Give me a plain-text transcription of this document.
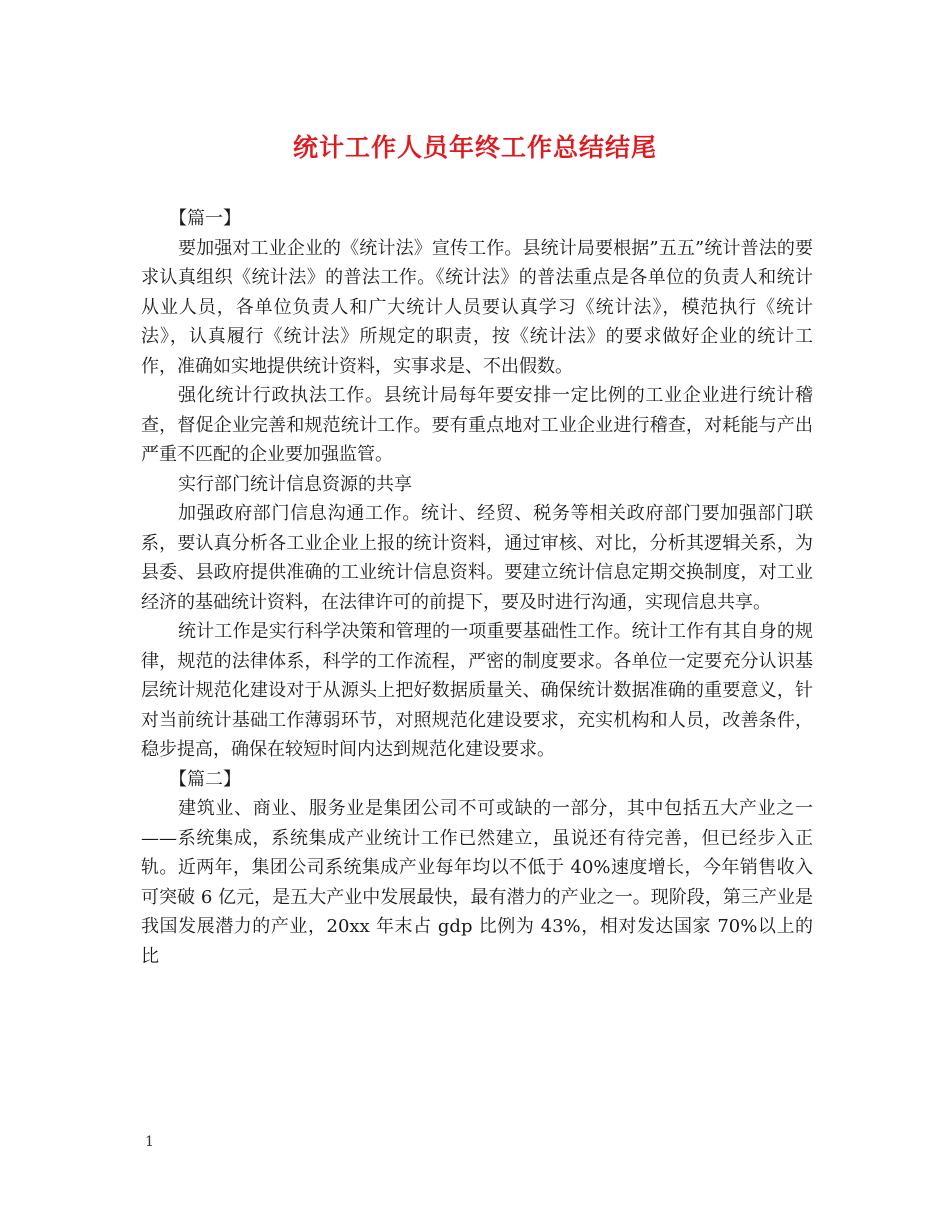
统计工作人员年终工作总结结尾

【篇一】

要加强对工业企业的《统计法》宣传工作。县统计局要根据”五五”统计普法的要求认真组织《统计法》的普法工作。《统计法》的普法重点是各单位的负责人和统计从业人员，各单位负责人和广大统计人员要认真学习《统计法》，模范执行《统计法》，认真履行《统计法》所规定的职责，按《统计法》的要求做好企业的统计工作，准确如实地提供统计资料，实事求是、不出假数。

强化统计行政执法工作。县统计局每年要安排一定比例的工业企业进行统计稽查，督促企业完善和规范统计工作。要有重点地对工业企业进行稽查，对耗能与产出严重不匹配的企业要加强监管。

实行部门统计信息资源的共享

加强政府部门信息沟通工作。统计、经贸、税务等相关政府部门要加强部门联系，要认真分析各工业企业上报的统计资料，通过审核、对比，分析其逻辑关系，为县委、县政府提供准确的工业统计信息资料。要建立统计信息定期交换制度，对工业经济的基础统计资料，在法律许可的前提下，要及时进行沟通，实现信息共享。

统计工作是实行科学决策和管理的一项重要基础性工作。统计工作有其自身的规律，规范的法律体系，科学的工作流程，严密的制度要求。各单位一定要充分认识基层统计规范化建设对于从源头上把好数据质量关、确保统计数据准确的重要意义，针对当前统计基础工作薄弱环节，对照规范化建设要求，充实机构和人员，改善条件，稳步提高，确保在较短时间内达到规范化建设要求。

【篇二】

建筑业、商业、服务业是集团公司不可或缺的一部分，其中包括五大产业之一——系统集成，系统集成产业统计工作已然建立，虽说还有待完善，但已经步入正轨。近两年，集团公司系统集成产业每年均以不低于 40%速度增长，今年销售收入可突破 6 亿元，是五大产业中发展最快，最有潜力的产业之一。现阶段，第三产业是我国发展潜力的产业，20xx 年末占 gdp 比例为 43%，相对发达国家 70%以上的比

1
